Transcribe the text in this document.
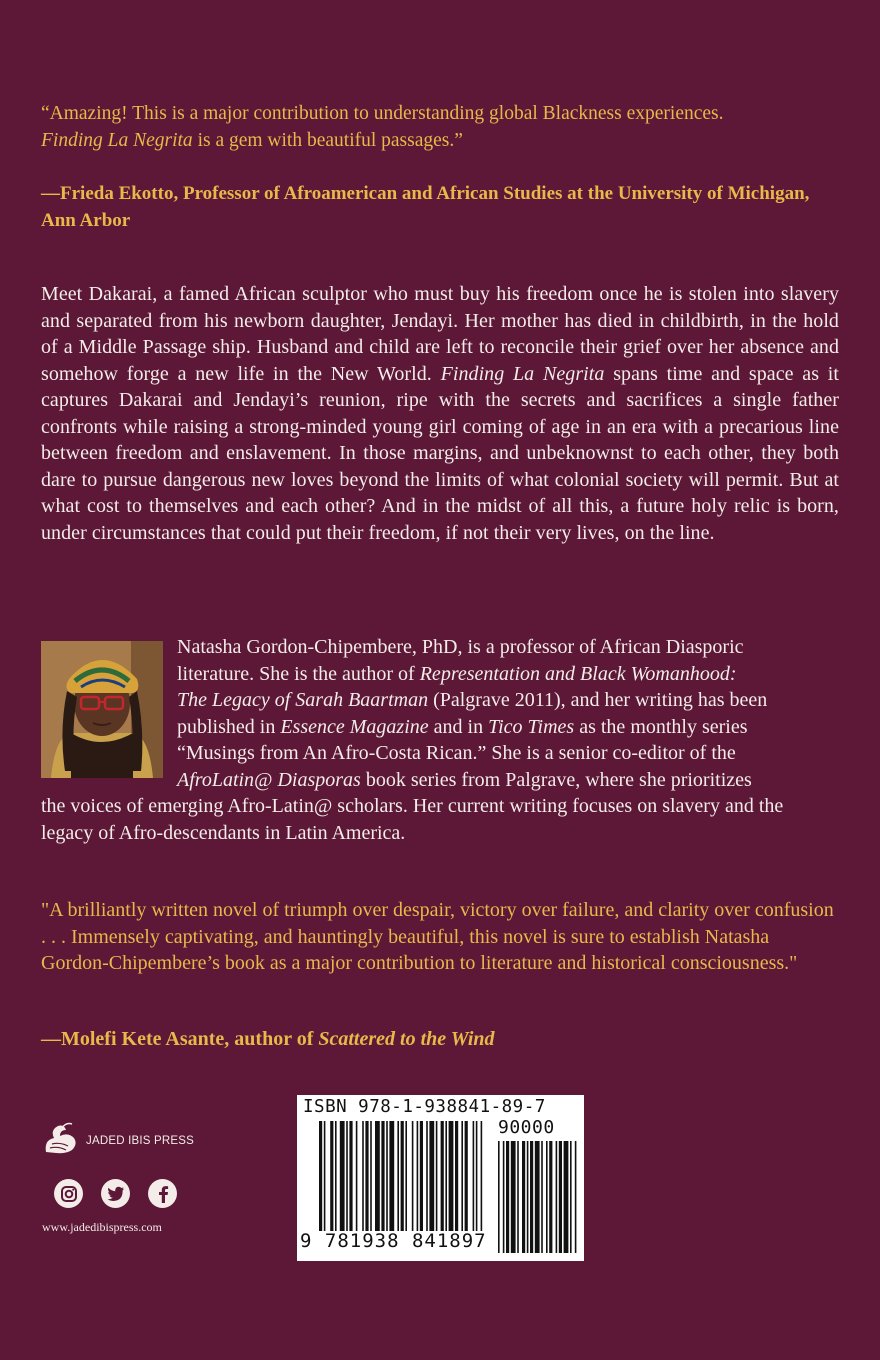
“Amazing! This is a major contribution to understanding global Blackness experiences.
Finding La Negrita is a gem with beautiful passages.”
—Frieda Ekotto, Professor of Afroamerican and African Studies at the University of Michigan, Ann Arbor
Meet Dakarai, a famed African sculptor who must buy his freedom once he is stolen into slavery and separated from his newborn daughter, Jendayi. Her mother has died in childbirth, in the hold of a Middle Passage ship. Husband and child are left to reconcile their grief over her absence and somehow forge a new life in the New World. Finding La Negrita spans time and space as it captures Dakarai and Jendayi’s reunion, ripe with the secrets and sacrifices a single father confronts while raising a strong-minded young girl coming of age in an era with a precarious line between freedom and enslavement. In those margins, and unbeknownst to each other, they both dare to pursue dangerous new loves beyond the limits of what colonial society will permit. But at what cost to themselves and each other? And in the midst of all this, a future holy relic is born, under circumstances that could put their freedom, if not their very lives, on the line.
Natasha Gordon-Chipembere, PhD, is a professor of African Diasporic
literature. She is the author of Representation and Black Womanhood:
The Legacy of Sarah Baartman (Palgrave 2011), and her writing has been
published in Essence Magazine and in Tico Times as the monthly series
“Musings from An Afro-Costa Rican.” She is a senior co-editor of the
AfroLatin@ Diasporas book series from Palgrave, where she prioritizes
the voices of emerging Afro-Latin@ scholars. Her current writing focuses on slavery and the legacy of Afro-descendants in Latin America.
"A brilliantly written novel of triumph over despair, victory over failure, and clarity over confusion . . . Immensely captivating, and hauntingly beautiful, this novel is sure to establish Natasha Gordon-Chipembere’s book as a major contribution to literature and historical consciousness."
—Molefi Kete Asante, author of Scattered to the Wind
JADED IBIS PRESS
www.jadedibispress.com
ISBN 978-1-938841-89-7
90000
9 781938 841897
